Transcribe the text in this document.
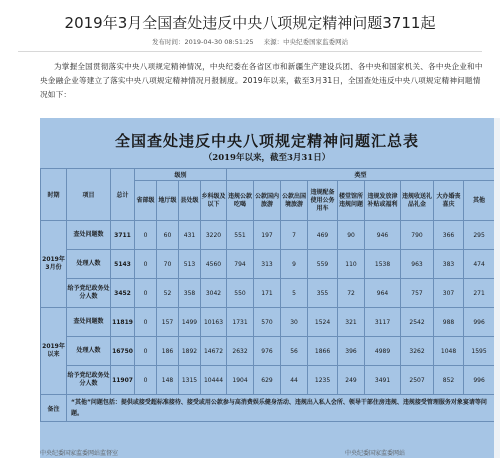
2019年3月全国查处违反中央八项规定精神问题3711起
发布时间：2019-04-30 08:51:25 来源：中央纪委国家监委网站
为掌握全国贯彻落实中央八项规定精神情况，中央纪委在各省区市和新疆生产建设兵团、各中央和国家机关、各中央企业和中央金融企业等建立了落实中央八项规定精神情况月报制度。2019年以来，截至3月31日，全国查处违反中央八项规定精神问题情况如下：
全国查处违反中央八项规定精神问题汇总表
（2019年以来，截至3月31日）
时期	项目	总计	级别				类型								
			省部级	地厅级	县处级	乡科级及以下	违规公款吃喝	公款国内旅游	公款出国境旅游	违规配备使用公务用车	楼堂馆所违规问题	违规发放津补贴或福利	违规收送礼品礼金	大办婚丧喜庆	其他
2019年3月份	查处问题数	3711	0	60	431	3220	551	197	7	469	90	946	790	366	295
	处理人数	5143	0	70	513	4560	794	313	9	559	110	1538	963	383	474
	给予党纪政务处分人数	3452	0	52	358	3042	550	171	5	355	72	964	757	307	271
2019年以来	查处问题数	11819	0	157	1499	10163	1731	570	30	1524	321	3117	2542	988	996
	处理人数	16750	0	186	1892	14672	2632	976	56	1866	396	4989	3262	1048	1595
	给予党纪政务处分人数	11907	0	148	1315	10444	1904	629	44	1235	249	3491	2507	852	996
备注	“其他”问题包括：提供或接受超标准接待、接受或用公款参与高消费娱乐健身活动、违规出入私人会所、领导干部住房违规、违规接受管理服务对象宴请等问题。														
中央纪委国家监委网站监督室	中央纪委国家监委网站
